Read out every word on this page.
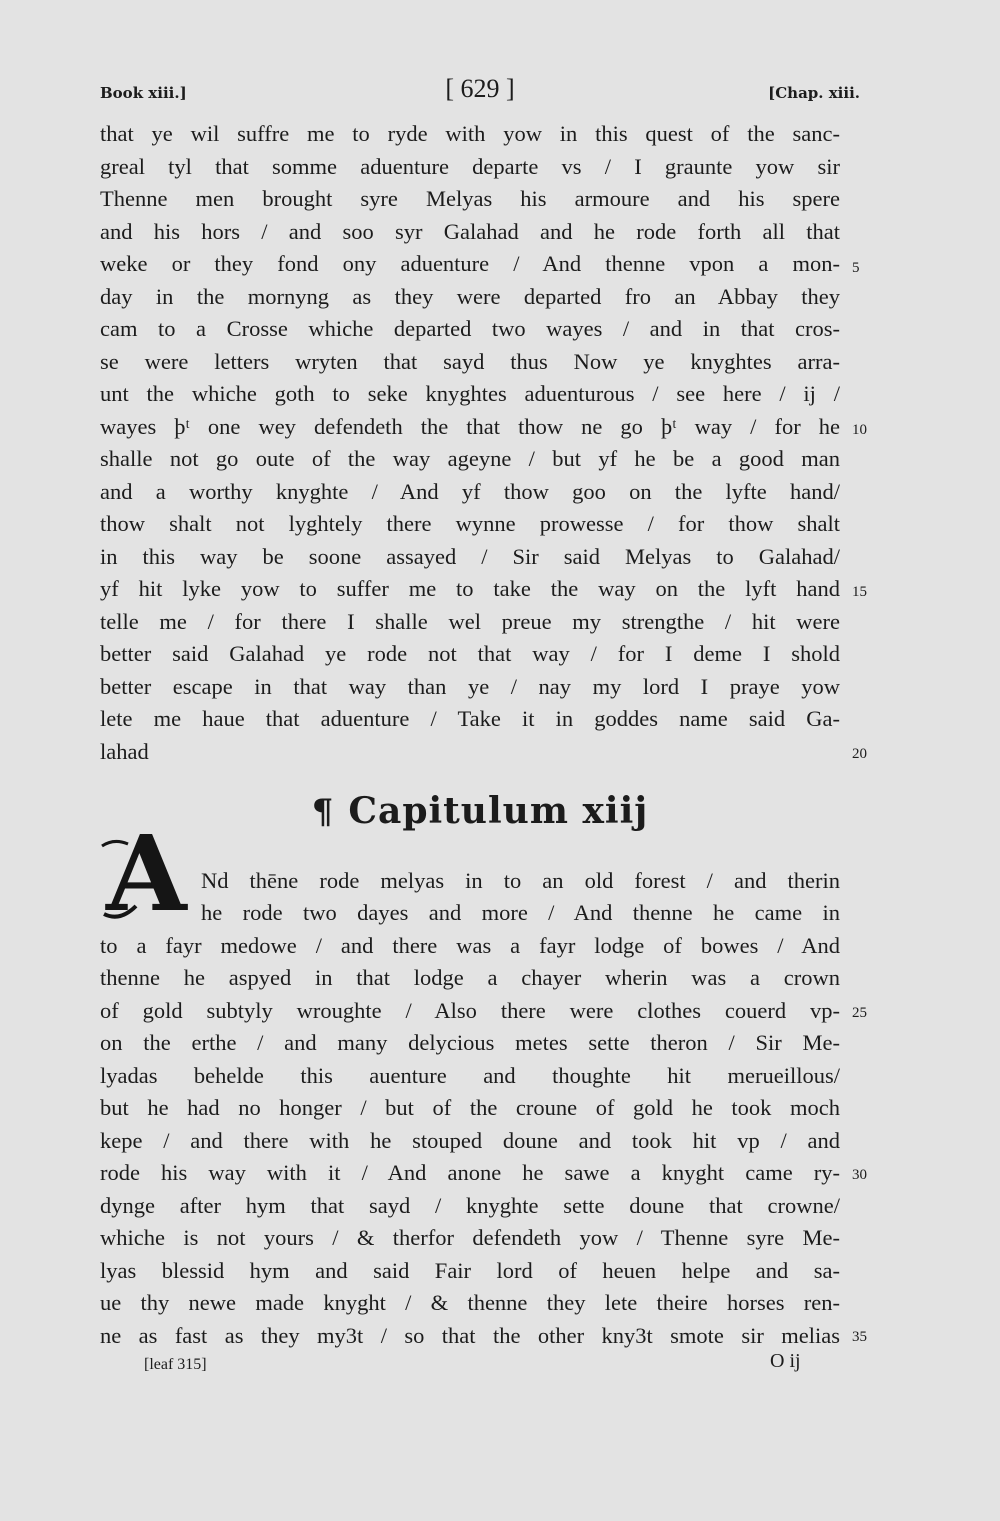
Book xiii.]	[ 629 ]	[Chap. xiii.
that ye wil suffre me to ryde with yow in this quest of the sanc-
greal tyl that somme aduenture departe vs / I graunte yow sir
Thenne men brought syre Melyas his armoure and his spere
and his hors / and soo syr Galahad and he rode forth all that
weke or they fond ony aduenture / And thenne vpon a mon-
day in the mornyng as they were departed fro an Abbay they
cam to a Crosse whiche departed two wayes / and in that cros-
se were letters wryten that sayd thus Now ye knyghtes arra-
unt the whiche goth to seke knyghtes aduenturous / see here / ij /
wayes þᵗ one wey defendeth the that thow ne go þᵗ way / for he
shalle not go oute of the way ageyne / but yf he be a good man
and a worthy knyghte / And yf thow goo on the lyfte hand/
thow shalt not lyghtely there wynne prowesse / for thow shalt
in this way be soone assayed / Sir said Melyas to Galahad/
yf hit lyke yow to suffer me to take the way on the lyft hand
telle me / for there I shalle wel preue my strengthe / hit were
better said Galahad ye rode not that way / for I deme I shold
better escape in that way than ye / nay my lord I praye yow
lete me haue that aduenture / Take it in goddes name said Ga-
lahad
¶ Capitulum xiij
A Nd thēne rode melyas in to an old forest / and therin
he rode two dayes and more / And thenne he came in
to a fayr medowe / and there was a fayr lodge of bowes / And
thenne he aspyed in that lodge a chayer wherin was a crown
of gold subtyly wroughte / Also there were clothes couerd vp-
on the erthe / and many delycious metes sette theron / Sir Me-
lyadas behelde this auenture and thoughte hit merueillous/
but he had no honger / but of the croune of gold he took moch
kepe / and there with he stouped doune and took hit vp / and
rode his way with it / And anone he sawe a knyght came ry-
dynge after hym that sayd / knyghte sette doune that crowne/
whiche is not yours / & therfor defendeth yow / Thenne syre Me-
lyas blessid hym and said Fair lord of heuen helpe and sa-
ue thy newe made knyght / & thenne they lete theire horses ren-
ne as fast as they my3t / so that the other kny3t smote sir melias
5
10
15
20
25
30
35
[leaf 315]	O ij
